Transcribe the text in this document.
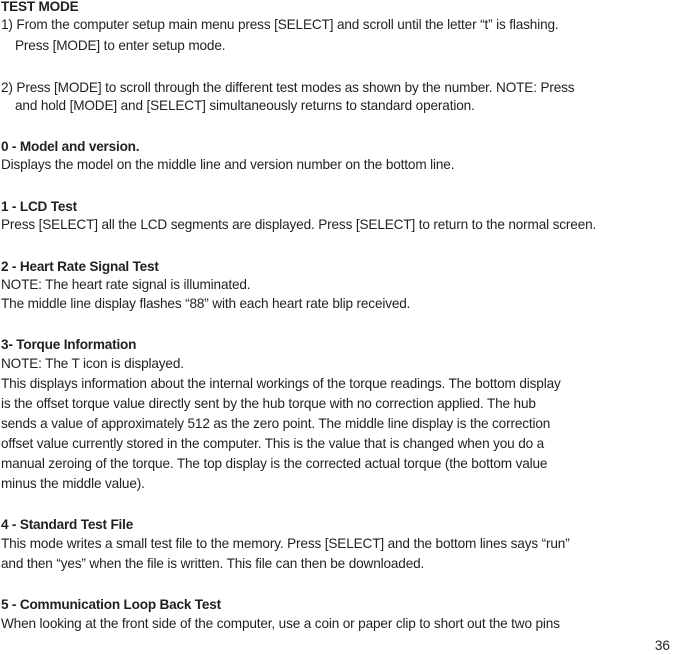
TEST MODE
1) From the computer setup main menu press [SELECT] and scroll until the letter “t” is flashing.
Press [MODE] to enter setup mode.
2) Press [MODE] to scroll through the different test modes as shown by the number. NOTE: Press
and hold [MODE] and [SELECT] simultaneously returns to standard operation.
0 - Model and version.
Displays the model on the middle line and version number on the bottom line.
1 - LCD Test
Press [SELECT] all the LCD segments are displayed. Press [SELECT] to return to the normal screen.
2 - Heart Rate Signal Test
NOTE: The heart rate signal is illuminated.
The middle line display flashes “88” with each heart rate blip received.
3- Torque Information
NOTE: The T icon is displayed.
This displays information about the internal workings of the torque readings. The bottom display
is the offset torque value directly sent by the hub torque with no correction applied. The hub
sends a value of approximately 512 as the zero point. The middle line display is the correction
offset value currently stored in the computer. This is the value that is changed when you do a
manual zeroing of the torque. The top display is the corrected actual torque (the bottom value
minus the middle value).
4 - Standard Test File
This mode writes a small test file to the memory. Press [SELECT] and the bottom lines says “run”
and then “yes” when the file is written. This file can then be downloaded.
5 - Communication Loop Back Test
When looking at the front side of the computer, use a coin or paper clip to short out the two pins
36
